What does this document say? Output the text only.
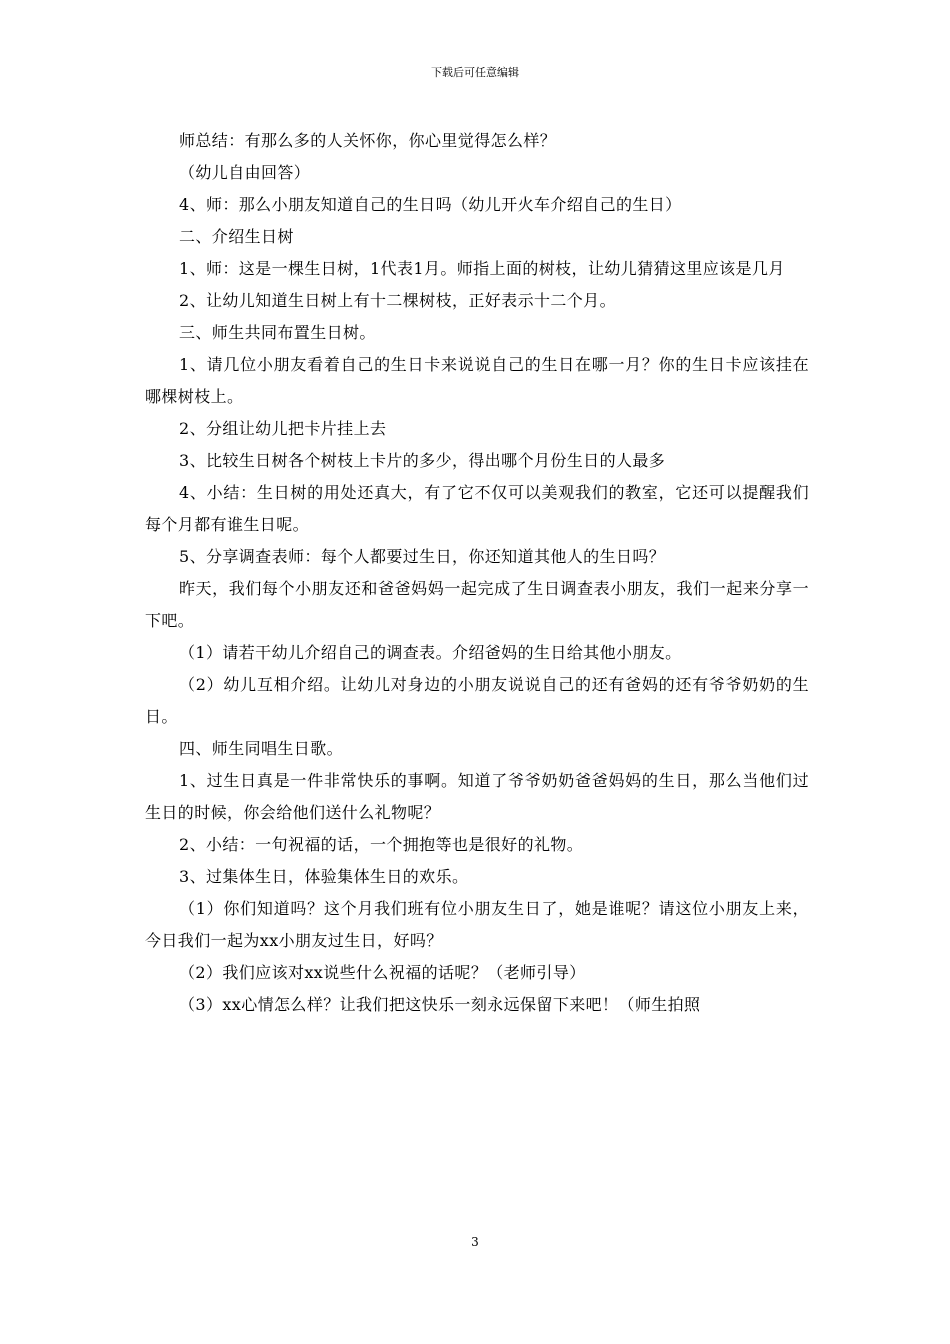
下载后可任意编辑

师总结：有那么多的人关怀你，你心里觉得怎么样？

（幼儿自由回答）

4、师：那么小朋友知道自己的生日吗（幼儿开火车介绍自己的生日）

二、介绍生日树

1、师：这是一棵生日树，1代表1月。师指上面的树枝，让幼儿猜猜这里应该是几月

2、让幼儿知道生日树上有十二棵树枝，正好表示十二个月。

三、师生共同布置生日树。

1、请几位小朋友看着自己的生日卡来说说自己的生日在哪一月？你的生日卡应该挂在哪棵树枝上。

2、分组让幼儿把卡片挂上去

3、比较生日树各个树枝上卡片的多少，得出哪个月份生日的人最多

4、小结：生日树的用处还真大，有了它不仅可以美观我们的教室，它还可以提醒我们每个月都有谁生日呢。

5、分享调查表师：每个人都要过生日，你还知道其他人的生日吗？

昨天，我们每个小朋友还和爸爸妈妈一起完成了生日调查表小朋友，我们一起来分享一下吧。

（1）请若干幼儿介绍自己的调查表。介绍爸妈的生日给其他小朋友。

（2）幼儿互相介绍。让幼儿对身边的小朋友说说自己的还有爸妈的还有爷爷奶奶的生日。

四、师生同唱生日歌。

1、过生日真是一件非常快乐的事啊。知道了爷爷奶奶爸爸妈妈的生日，那么当他们过生日的时候，你会给他们送什么礼物呢？

2、小结：一句祝福的话，一个拥抱等也是很好的礼物。

3、过集体生日，体验集体生日的欢乐。

（1）你们知道吗？这个月我们班有位小朋友生日了，她是谁呢？请这位小朋友上来，今日我们一起为xx小朋友过生日，好吗？

（2）我们应该对xx说些什么祝福的话呢？（老师引导）

（3）xx心情怎么样？让我们把这快乐一刻永远保留下来吧！（师生拍照

3
